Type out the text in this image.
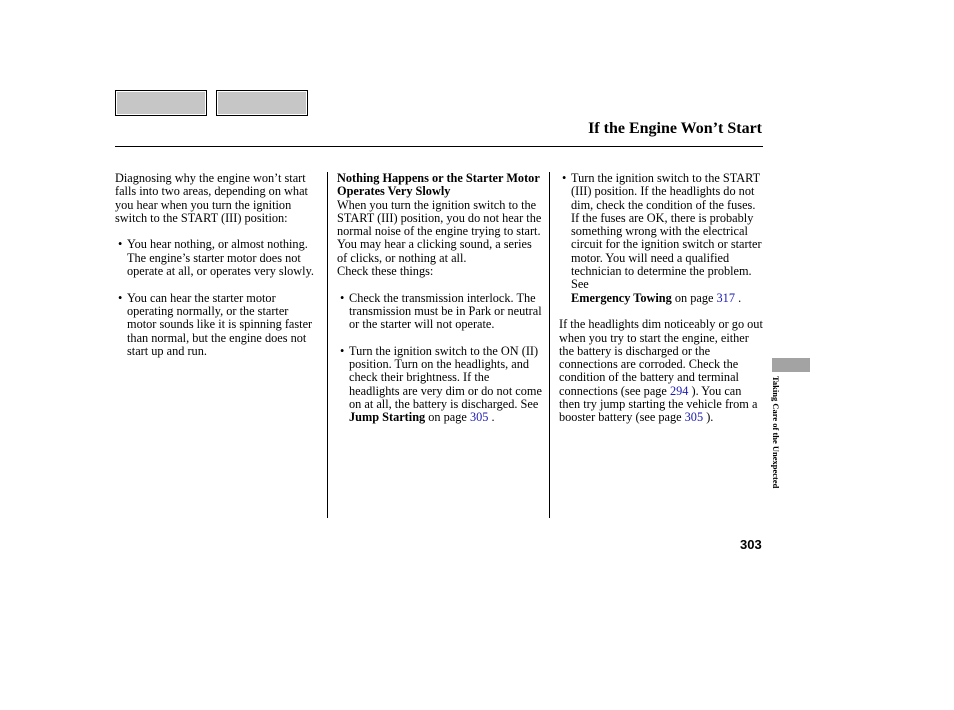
If the Engine Won’t Start

Diagnosing why the engine won’t start falls into two areas, depending on what you hear when you turn the ignition switch to the START (III) position:

• You hear nothing, or almost nothing. The engine’s starter motor does not operate at all, or operates very slowly.
• You can hear the starter motor operating normally, or the starter motor sounds like it is spinning faster than normal, but the engine does not start up and run.
Nothing Happens or the Starter Motor Operates Very Slowly
When you turn the ignition switch to the START (III) position, you do not hear the normal noise of the engine trying to start. You may hear a clicking sound, a series of clicks, or nothing at all.

Check these things:

• Check the transmission interlock. The transmission must be in Park or neutral or the starter will not operate.
• Turn the ignition switch to the ON (II) position. Turn on the headlights, and check their brightness. If the headlights are very dim or do not come on at all, the battery is discharged. See
Jump Starting on page 305 .
• Turn the ignition switch to the START (III) position. If the headlights do not dim, check the condition of the fuses. If the fuses are OK, there is probably something wrong with the electrical circuit for the ignition switch or starter motor. You will need a qualified technician to determine the problem. See
Emergency Towing on page 317 .

If the headlights dim noticeably or go out when you try to start the engine, either the battery is discharged or the connections are corroded. Check the condition of the battery and terminal connections (see page 294 ). You can then try jump starting the vehicle from a booster battery (see page 305 ).	Taking Care of the Unexpected
303
